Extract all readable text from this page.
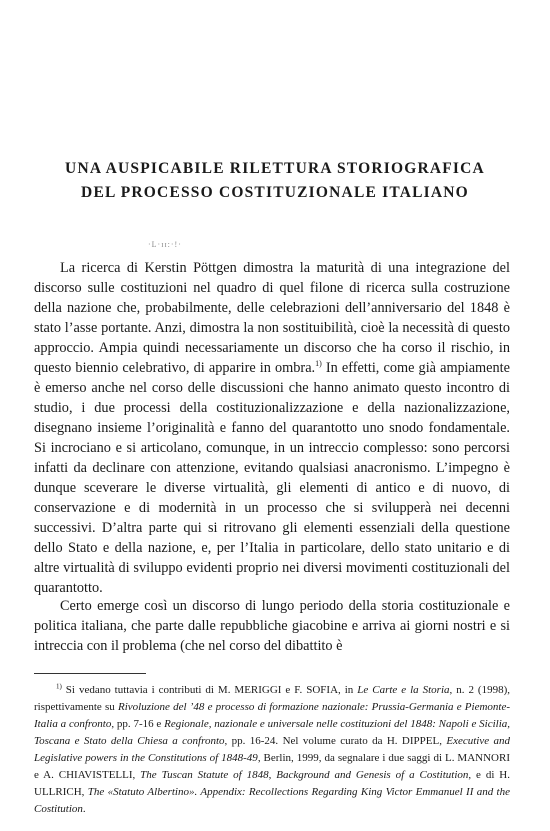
UNA AUSPICABILE RILETTURA STORIOGRAFICA
DEL PROCESSO COSTITUZIONALE ITALIANO

·L·ɪɪ:·!·

La ricerca di Kerstin Pöttgen dimostra la maturità di una integrazione del discorso sulle costituzioni nel quadro di quel filone di ricerca sulla costruzione della nazione che, probabilmente, delle celebrazioni dell’anniversario del 1848 è stato l’asse portante. Anzi, dimostra la non sostituibilità, cioè la necessità di questo approccio. Ampia quindi necessariamente un discorso che ha corso il rischio, in questo biennio celebrativo, di apparire in ombra.$^{1)}$ In effetti, come già ampiamente è emerso anche nel corso delle discussioni che hanno animato questo incontro di studio, i due processi della costituzionalizzazione e della nazionalizzazione, disegnano insieme l’originalità e fanno del quarantotto uno snodo fondamentale. Si incrociano e si articolano, comunque, in un intreccio complesso: sono percorsi infatti da declinare con attenzione, evitando qualsiasi anacronismo. L’impegno è dunque sceverare le diverse virtualità, gli elementi di antico e di nuovo, di conservazione e di modernità in un processo che si svilupperà nei decenni successivi. D’altra parte qui si ritrovano gli elementi essenziali della questione dello Stato e della nazione, e, per l’Italia in particolare, dello stato unitario e di altre virtualità di sviluppo evidenti proprio nei diversi movimenti costituzionali del quarantotto.

Certo emerge così un discorso di lungo periodo della storia costituzionale e politica italiana, che parte dalle repubbliche giacobine e arriva ai giorni nostri e si intreccia con il problema (che nel corso del dibattito è

$^{1)}$ Si vedano tuttavia i contributi di M. MERIGGI e F. SOFIA, in Le Carte e la Storia, n. 2 (1998), rispettivamente su Rivoluzione del ’48 e processo di formazione nazionale: Prussia-Germania e Piemonte-Italia a confronto, pp. 7-16 e Regionale, nazionale e universale nelle costituzioni del 1848: Napoli e Sicilia, Toscana e Stato della Chiesa a confronto, pp. 16-24. Nel volume curato da H. DIPPEL, Executive and Legislative powers in the Constitutions of 1848-49, Berlin, 1999, da segnalare i due saggi di L. MANNORI e A. CHIAVISTELLI, The Tuscan Statute of 1848, Background and Genesis of a Costitution, e di H. ULLRICH, The «Statuto Albertino». Appendix: Recollections Regarding King Victor Emmanuel II and the Costitution.
